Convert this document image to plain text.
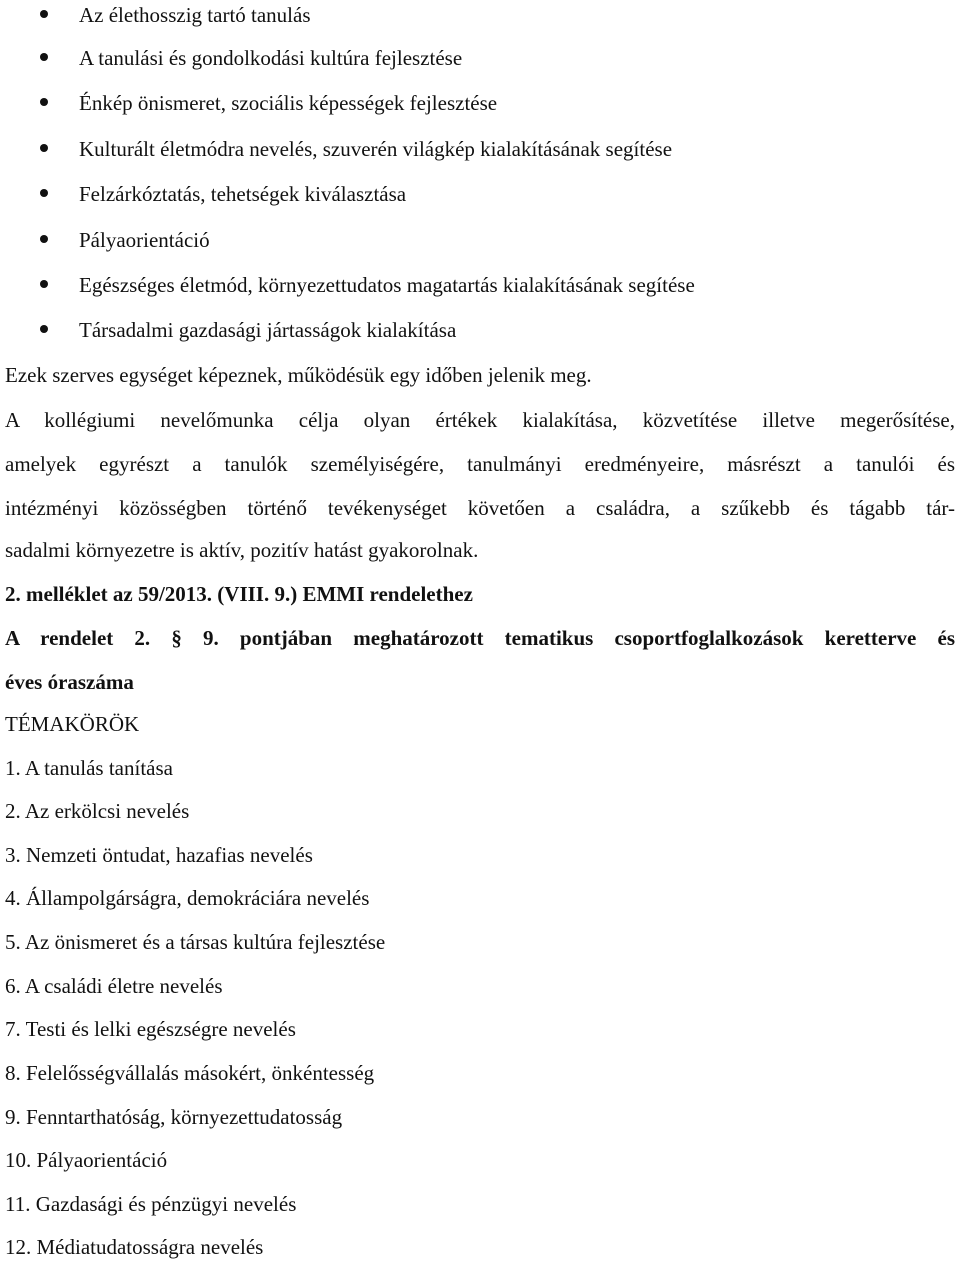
Az élethosszig tartó tanulás
A tanulási és gondolkodási kultúra fejlesztése
Énkép önismeret, szociális képességek fejlesztése
Kulturált életmódra nevelés, szuverén világkép kialakításának segítése
Felzárkóztatás, tehetségek kiválasztása
Pályaorientáció
Egészséges életmód, környezettudatos magatartás kialakításának segítése
Társadalmi gazdasági jártasságok kialakítása
Ezek szerves egységet képeznek, működésük egy időben jelenik meg.
A kollégiumi nevelőmunka célja olyan értékek kialakítása, közvetítése illetve megerősítése,
amelyek egyrészt a tanulók személyiségére, tanulmányi eredményeire, másrészt a tanulói és
intézményi közösségben történő tevékenységet követően a családra, a szűkebb és tágabb tár-
sadalmi környezetre is aktív, pozitív hatást gyakorolnak.
2. melléklet az 59/2013. (VIII. 9.) EMMI rendelethez
A rendelet 2. § 9. pontjában meghatározott tematikus csoportfoglalkozások keretterve és
éves óraszáma
TÉMAKÖRÖK
1. A tanulás tanítása
2. Az erkölcsi nevelés
3. Nemzeti öntudat, hazafias nevelés
4. Állampolgárságra, demokráciára nevelés
5. Az önismeret és a társas kultúra fejlesztése
6. A családi életre nevelés
7. Testi és lelki egészségre nevelés
8. Felelősségvállalás másokért, önkéntesség
9. Fenntarthatóság, környezettudatosság
10. Pályaorientáció
11. Gazdasági és pénzügyi nevelés
12. Médiatudatosságra nevelés
